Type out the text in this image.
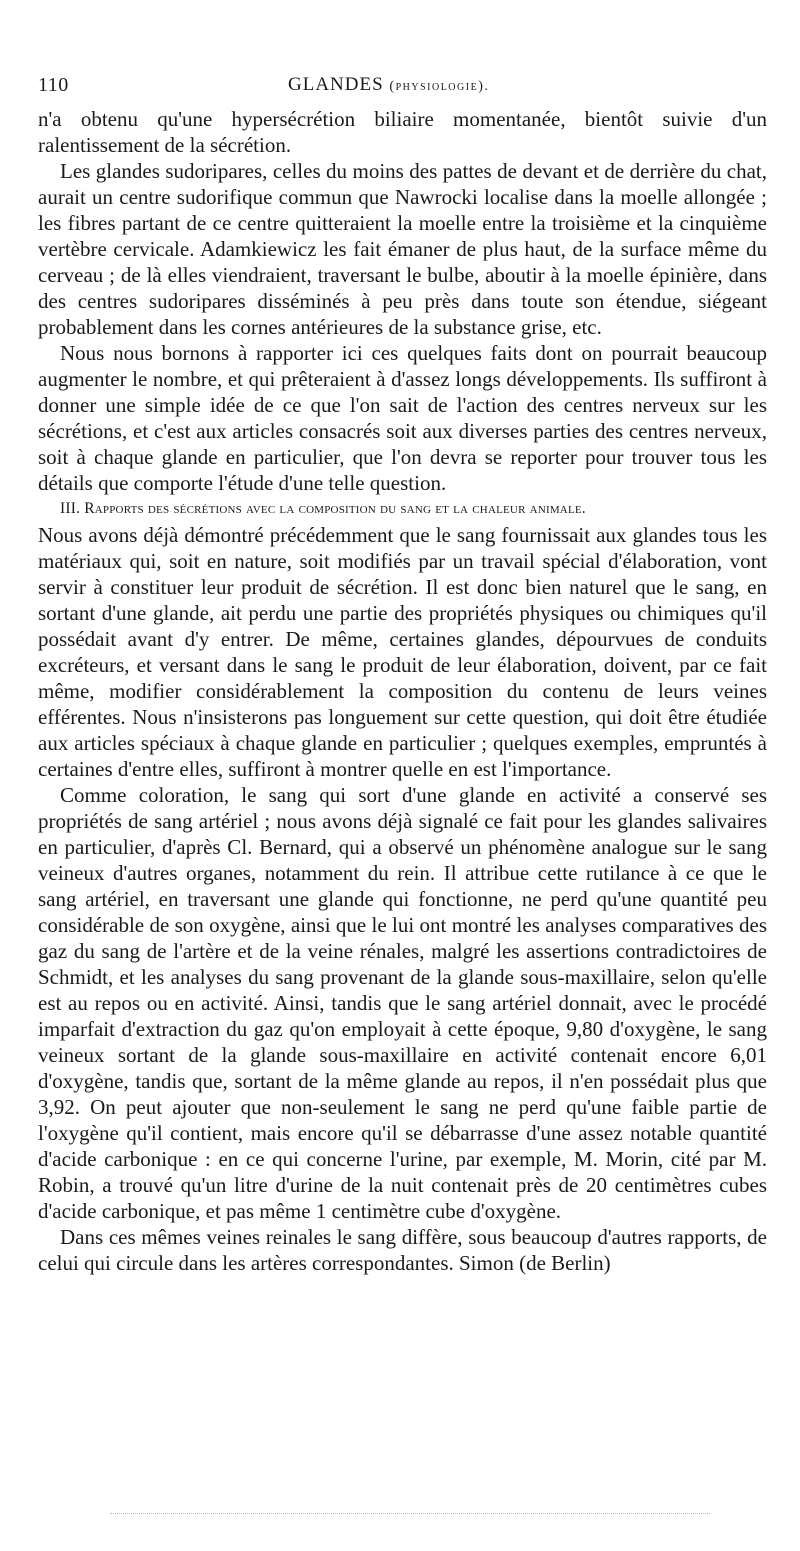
110	GLANDES (physiologie).

n'a obtenu qu'une hypersécrétion biliaire momentanée, bientôt suivie d'un ralentissement de la sécrétion.

Les glandes sudoripares, celles du moins des pattes de devant et de derrière du chat, aurait un centre sudorifique commun que Nawrocki localise dans la moelle allongée ; les fibres partant de ce centre quitteraient la moelle entre la troisième et la cinquième vertèbre cervicale. Adamkiewicz les fait émaner de plus haut, de la surface même du cerveau ; de là elles viendraient, traversant le bulbe, aboutir à la moelle épinière, dans des centres sudoripares disséminés à peu près dans toute son étendue, siégeant probablement dans les cornes antérieures de la substance grise, etc.

Nous nous bornons à rapporter ici ces quelques faits dont on pourrait beaucoup augmenter le nombre, et qui prêteraient à d'assez longs développements. Ils suffiront à donner une simple idée de ce que l'on sait de l'action des centres nerveux sur les sécrétions, et c'est aux articles consacrés soit aux diverses parties des centres nerveux, soit à chaque glande en particulier, que l'on devra se reporter pour trouver tous les détails que comporte l'étude d'une telle question.

III. Rapports des sécrétions avec la composition du sang et la chaleur animale.

Nous avons déjà démontré précédemment que le sang fournissait aux glandes tous les matériaux qui, soit en nature, soit modifiés par un travail spécial d'élaboration, vont servir à constituer leur produit de sécrétion. Il est donc bien naturel que le sang, en sortant d'une glande, ait perdu une partie des propriétés physiques ou chimiques qu'il possédait avant d'y entrer. De même, certaines glandes, dépourvues de conduits excréteurs, et versant dans le sang le produit de leur élaboration, doivent, par ce fait même, modifier considérablement la composition du contenu de leurs veines efférentes. Nous n'insisterons pas longuement sur cette question, qui doit être étudiée aux articles spéciaux à chaque glande en particulier ; quelques exemples, empruntés à certaines d'entre elles, suffiront à montrer quelle en est l'importance.

Comme coloration, le sang qui sort d'une glande en activité a conservé ses propriétés de sang artériel ; nous avons déjà signalé ce fait pour les glandes salivaires en particulier, d'après Cl. Bernard, qui a observé un phénomène analogue sur le sang veineux d'autres organes, notamment du rein. Il attribue cette rutilance à ce que le sang artériel, en traversant une glande qui fonctionne, ne perd qu'une quantité peu considérable de son oxygène, ainsi que le lui ont montré les analyses comparatives des gaz du sang de l'artère et de la veine rénales, malgré les assertions contradictoires de Schmidt, et les analyses du sang provenant de la glande sous-maxillaire, selon qu'elle est au repos ou en activité. Ainsi, tandis que le sang artériel donnait, avec le procédé imparfait d'extraction du gaz qu'on employait à cette époque, 9,80 d'oxygène, le sang veineux sortant de la glande sous-maxillaire en activité contenait encore 6,01 d'oxygène, tandis que, sortant de la même glande au repos, il n'en possédait plus que 3,92. On peut ajouter que non-seulement le sang ne perd qu'une faible partie de l'oxygène qu'il contient, mais encore qu'il se débarrasse d'une assez notable quantité d'acide carbonique : en ce qui concerne l'urine, par exemple, M. Morin, cité par M. Robin, a trouvé qu'un litre d'urine de la nuit contenait près de 20 centimètres cubes d'acide carbonique, et pas même 1 centimètre cube d'oxygène.

Dans ces mêmes veines reinales le sang diffère, sous beaucoup d'autres rapports, de celui qui circule dans les artères correspondantes. Simon (de Berlin)
